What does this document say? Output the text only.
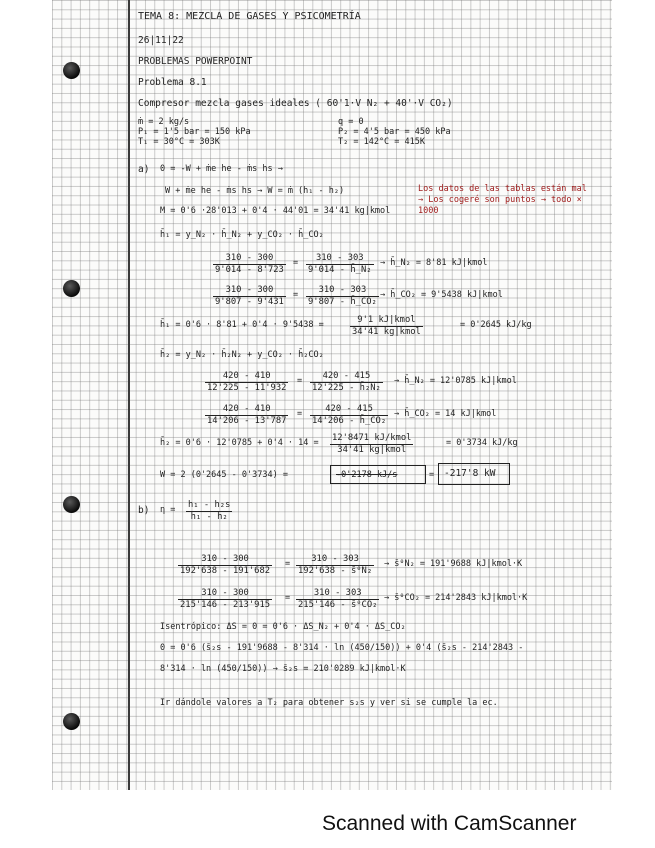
TEMA 8: MEZCLA DE GASES Y PSICOMETRÍA
26|11|22
PROBLEMAS POWERPOINT
Problema 8.1
Compresor mezcla gases ideales ( 60'1·V N₂ + 40'·V CO₂)
ṁ = 2 kg/s
P₁ = 1'5 bar = 150 kPa
T₁ = 30°C = 303K
q = 0
P₂ = 4'5 bar = 450 kPa
T₂ = 142°C = 415K
a) 0 = -W + ṁe he - ṁs hs →
W + ṁe he - ṁs hs → W = ṁ (h₁ - h₂)
M = 0'6 ·28'013 + 0'4 · 44'01 = 34'41 kg|kmol
Los datos de las tablas están mal → Los cogeré son puntos → todo × 1000
h̄₁ = y_N₂ · h̄_N₂ + y_CO₂ · h̄_CO₂
$\frac{310 - 300}{9'014 - 8'723} = \frac{310 - 303}{\text{9'014 - h̄\_N₂}}$ → h̄_N₂ = 8'81 kJ|kmol
$\frac{310 - 300}{9'807 - 9'431} = \frac{310 - 303}{\text{9'807 - h̄\_CO₂}}$ → h̄_CO₂ = 9'5438 kJ|kmol
h̄₁ = 0'6 · 8'81 + 0'4 · 9'5438 =	9'1 kJ|kmol
34'41 kg|kmol
= 0'2645 kJ/kg
h̄₂ = y_N₂ · h̄₂N₂ + y_CO₂ · h̄₂CO₂
$\frac{420 - 410}{12'225 - 11'932} = \frac{420 - 415}{\text{12'225 - h̄₂N₂}}$ → h̄_N₂ = 12'0785 kJ|kmol
$\frac{420 - 410}{14'206 - 13'787} = \frac{420 - 415}{\text{14'206 - h̄\_CO₂}}$ → h̄_CO₂ = 14 kJ|kmol
h̄₂ = 0'6 · 12'0785 + 0'4 · 14 = 12'8471 kJ/kmol
34'41 kg|kmol
= 0'3734 kJ/kg
W = 2 (0'2645 - 0'3734) =	-0'2178 kJ/s	= -217'8 kW
b) $\eta = \frac{\text{h₁ - h₂s}}{\text{h₁ - h₂}}$
$\frac{310 - 300}{192'638 - 191'682} = \frac{310 - 303}{\text{192'638 - s̄⁰N₂}}$ → s̄⁰N₂ = 191'9688 kJ|kmol·K
$\frac{310 - 300}{215'146 - 213'915} = \frac{310 - 303}{\text{215'146 - s̄⁰CO₂}}$ → s̄⁰CO₂ = 214'2843 kJ|kmol·K
Isentrópico: ΔS = 0 = 0'6 · ΔS_N₂ + 0'4 · ΔS_CO₂
0 = 0'6 (s̄₂s - 191'9688 - 8'314 · ln (450/150)) + 0'4 (s̄₂s - 214'2843 -
8'314 · ln (450/150)) → s̄₂s = 210'0289 kJ|kmol·K
Ir dándole valores a T₂ para obtener s₂s y ver si se cumple la ec.
Scanned with CamScanner
